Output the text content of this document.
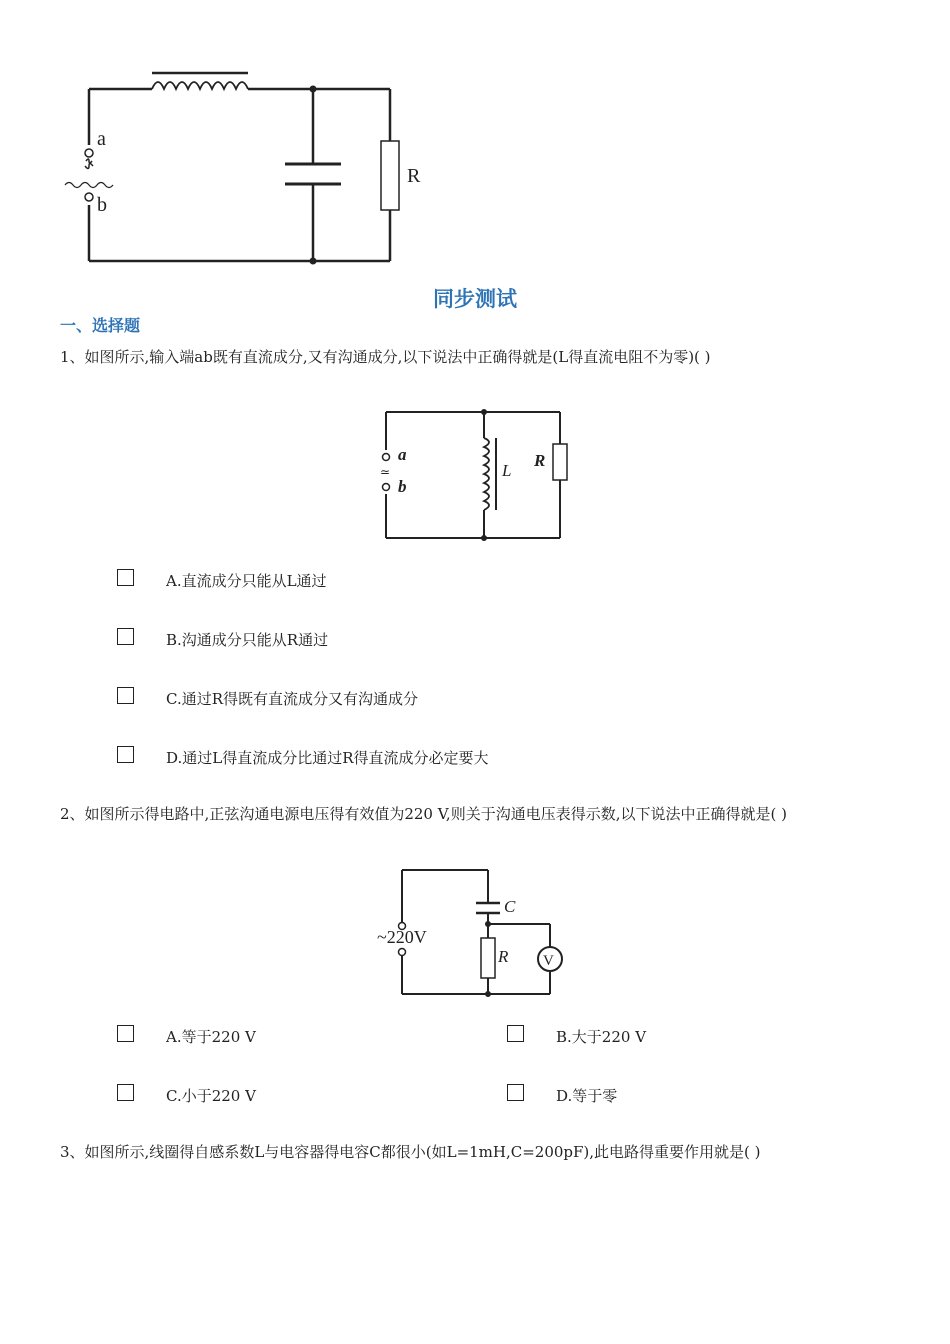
a
b
R
同步测试
一、选择题
1、如图所示,输入端ab既有直流成分,又有沟通成分,以下说法中正确得就是(L得直流电阻不为零)( )
≃
a
b
L
R
A.直流成分只能从L通过
B.沟通成分只能从R通过
C.通过R得既有直流成分又有沟通成分
D.通过L得直流成分比通过R得直流成分必定要大
2、如图所示得电路中,正弦沟通电源电压得有效值为220 V,则关于沟通电压表得示数,以下说法中正确得就是( )
~220V
C
R V
A.等于220 V	B.大于220 V
C.小于220 V	D.等于零
3、如图所示,线圈得自感系数L与电容器得电容C都很小(如L=1mH,C=200pF),此电路得重要作用就是( )
